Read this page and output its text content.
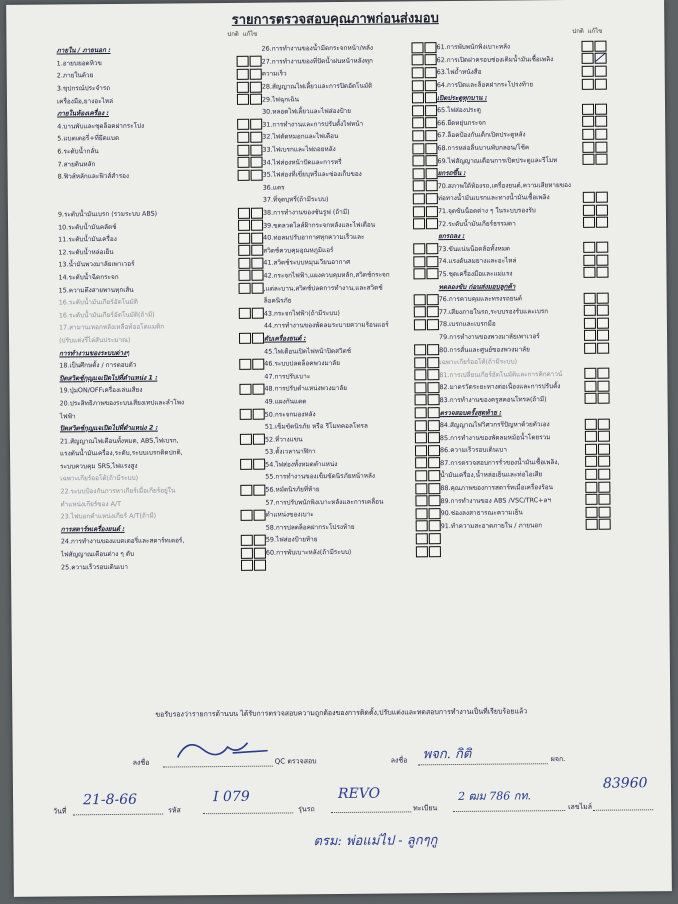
รายการตรวจสอบคุณภาพก่อนส่งมอบ
ปกติ แก้ไข
ภายใน / ภายนอก :
1.อายบยอดหิวข
2.ภายในด้วย
3.ขุปกรณ์ประจำรถ
เครื่องมือ,ยางอะไหล่
ภายในห้องเครื่อง :
4.บานพับและชุดล็อคฝากระโปง
5.แบตเตอรี่+ที่ยึดแบต
6.ระดับน้ำกลั่น
7.สายดินหลัก
8.ฟิวส์หลักและฟิวส์สำรอง
9.ระดับน้ำมันเบรก (รวมระบบ ABS)
10.ระดับน้ำมันคลัตช์
11.ระดับน้ำมันเครื่อง
12.ระดับน้ำหล่อเย็น
13.น้ำมันพวงมาลัยเพาเวอร์
14.ระดับน้ำฉีดกระจก
15.ความตึงสายพานทุกเส้น
16.ระดับน้ำมันเกียร์อัตโนมัติ
16.ระดับน้ำมันเกียร์อัตโนมัติ(ถ้ามี)
17.สามานเทอกหลังเหลือท์ออโตแมติก
(ปรับแต่งรี่ไล่สันประมาณ)
การทำงานของระบบต่างๆ
18.เป็นศึกษตั้ง / การตอบตัว
ปิดสวิตช์กุญแจเปิดไปที่ตำแหน่ง 1 :
19.ปุ่มON/OFFเครื่องเล่นเสียง
20.ประสิทธิภาพของระบบเสียงเทปและลำโพง
ไฟฟ้า
ปิดสวิตช์กุญแจเปิดไปที่ตำแหน่ง 2 :
21.สัญญาณไฟเตือนทั้งหมด, ABS,ไฟเบรก,
แรงดันน้ำมันเครื่อง,ระดับ,ระบบเบรกติดปกติ,
ระบบควบคุม SRS,ไฟแรงสูง
เฉพาะเกียร์ออโต้(ถ้ามีระบบ)
22.ระบบป้องกันการหาเกียร์เมื่อเกียร์อยู่ใน
ตำแหน่งเกียร์ของ A/T
23.ไฟบอกตำแหน่งเกียร์ A/T(ถ้ามี)
การสตาร์ทเครื่องยนต์ :
24.การทำงานของแบตเตอรี่และสตาร์ทเตอร์,
ไฟสัญญาณเตือนต่าง ๆ ดับ
25.ความเร็วรอบเดินเบา
26.การทำงานของน้ำมีดกระจกหน้า/หลัง
27.การทำงานของที่ปัดน้ำฝนหน้าหลังทุก
ความเร็ว
28.สัญญาณไฟเลี้ยวและการปิดอัตโนมัติ
29.ไฟฉุกเฉิน
30.หลอดไฟเลี้ยวและไฟส่องป้าย
31.การทำงานและการปรับตั้งไฟหน้า
32.ไฟตัดหมอกและไฟเตือน
33.ไฟเบรกและไฟถอยหลัง
34.ไฟส่องหน้าปัดและการหรี่
35.ไฟส่องที่เขี่ยบุหรี่และช่องเก็บของ
36.แตร
37.ที่จุดบุหรี่(ถ้ามีระบบ)
38.การทำงานของซันรูฟ (ถ้ามี)
39.ขดลวดไลส์ฝ้ากระจกหลังและไฟเตือน
40.ท่อลมปรับอากาศทุกความเร็วและ
สวิตช์ควบคุมอุณหภูมิแอร์
41.สวิตช์ระบบหมุนเวียนอากาศ
42.กระจกไฟฟ้า,แผงควบคุมหลัก,สวิตช์กระจก
,แต่ละบาน,สวิตช์ปลดการทำงาน,และสวิตช์
ล็อคนิรภัย
43.กระจกไฟฟ้า(ถ้ามีระบบ)
44.การทำงานของพัดลมระบายความร้อนแอร์
ดับเครื่องยนต์ :
45.ไฟเตือนเปิดไฟหน้าปิดสวิตช์
46.ระบบปลดล็อคพวงมาลัย
47.การปรับเบาะ
48.การปรับตำแหน่งพวงมาลัย
49.แผงกันแดด
50.กระจกมองหลัง
51.เข็มขัดนิรภัย หรือ รีโมทคอลโทรล
52.ที่วางแขน
53.ตั้งเวลานาฬิกา
54.ไฟส่องทั้งหมดตำแหน่ง
55.การทำงานของเข็มขัดนิรภัยหน้าหลัง
56.หมัดนิรภัยที่ท้าย
57.การปรับพนักพิงเบาะหลังและการเคลื่อน
ตำแหน่งของเบาะ
58.การปลดล็อคฝากระโปรงท้าย
59.ไฟส่องป้ายท้าย
60.การพับเบาะหลัง(ถ้ามีระบบ)
ปกติ แก้ไข
61.การพับพนักพิงเบาะหลัง
62.การเปิดฝาครอบช่องเติมน้ำมันเชื้อเพลิง
63.ไฟถ้ำหนังสือ
64.การปิดและล็อคฝากระโปรงท้าย
เปิดประตูทุกบาน :
65.ไฟส่องประตู
66.ยืดหยุ่นกระจก
67.ล็อคป้องกันเด็กเปิดประตูหลัง
68.การหล่อลื่นบานพับกลอน/โช้ค
69.ไฟสัญญาณเตือนการเปิดประตูและรีโมท
ยกรถขึ้น :
70.สภาพใต้ท้องรถ,เครื่องยนต์,ความเสียหายของ
ท่อทางน้ำมันเบรกและทางน้ำมันเชื้อเพลิง
71.จุดขันน็อตต่าง ๆ ในระบบรองรับ
72.ระดับน้ำมันเกียร์ธรรมดา
ยกรถลง :
73.ขันแน่นน็อตล้อทั้งหมด
74.แรงดันลมยางและอะไหล่
75.ชุดเครื่องมือและแม่แรง
ทดลองขับ ก่อนส่งมอบลูกค้า
76.การควบคุมและทรงรถยนต์
77.เสียงภายในรถ,ระบบรองรับและเบรก
78.เบรกและเบรกมือ
79.การทำงานของพวงมาลัยเพาเวอร์
80.การสั่นและศูนย์ของพวงมาลัย
เฉพาะเกียร์ออโต้(ถ้ามีระบบ)
81.การเปลี่ยนเกียร์อัตโนมัติและการคิกดาวน์
82.มาตรวัดระยะทางต่อเนื่องและการปรับตั้ง
83.การทำงานของครูสคอนโทรล(ถ้ามี)
ตรวจสอบครั้งสุดท้าย :
84.สัญญาณไฟวิศวกรรีปัญหาด้วยตัวเอง
85.การทำงานของพัดลมหม้อน้ำโดยรวม
86.ความเร็วรอบเดินเบา
87.การตรวจสอบการรั่วของน้ำมันเชื้อเพลิง,
น้ำมันเครื่อง,น้ำหล่อเย็นและท่อไอเสีย
88.คุณภาพของการสตาร์ทเมื่อเครื่องร้อน
89.การทำงานของ ABS /VSC/TRC+ลฯ
90.ช่องลงสาธารณะความเย็น
91.ทำความสะอาดภายใน / ภายนอก
ขอรับรองว่ารายการด้านบน ได้รับการตรวจสอบความถูกต้องของการติดตั้ง,ปรับแต่งและทดสอบการทำงานเป็นที่เรียบร้อยแล้ว
ลงชื่อ	QC ตรวจสอบ	ลงชื่อ พจก. กิติ	ผจก.
วันที่
21-8-66
รหัส
I 079
รุ่นรถ
REVO
ทะเบียน
2 ฒม 786 กท.
เลขไมล์
83960
ตรม: พ่อแม่ไป - ลูกๆกู
